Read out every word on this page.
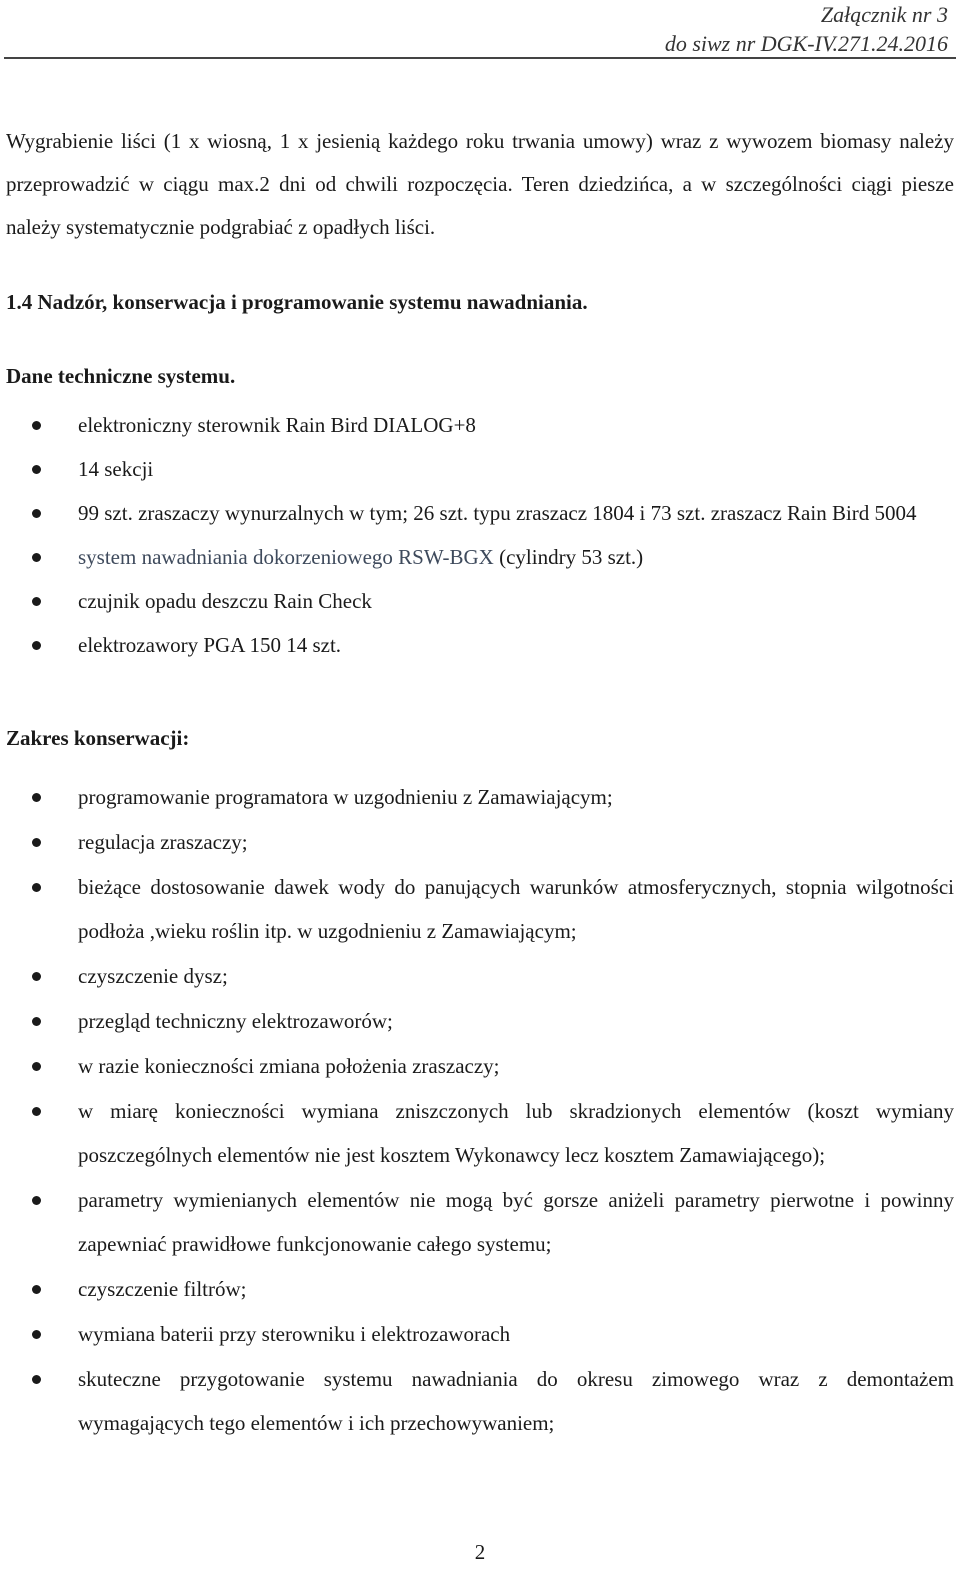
Załącznik nr 3
do siwz nr DGK-IV.271.24.2016

Wygrabienie liści (1 x wiosną, 1 x jesienią każdego roku trwania umowy) wraz z wywozem biomasy należy przeprowadzić w ciągu max.2 dni od chwili rozpoczęcia. Teren dziedzińca, a w szczególności ciągi piesze należy systematycznie podgrabiać z opadłych liści.

1.4 Nadzór, konserwacja i programowanie systemu nawadniania.

Dane techniczne systemu.

elektroniczny sterownik Rain Bird DIALOG+8
14 sekcji
99 szt. zraszaczy wynurzalnych w tym; 26 szt. typu zraszacz 1804 i 73 szt. zraszacz Rain Bird 5004
system nawadniania dokorzeniowego RSW-BGX (cylindry 53 szt.)
czujnik opadu deszczu Rain Check
elektrozawory PGA 150 14 szt.

Zakres konserwacji:

programowanie programatora w uzgodnieniu z Zamawiającym;
regulacja zraszaczy;
bieżące dostosowanie dawek wody do panujących warunków atmosferycznych, stopnia wilgotności podłoża ,wieku roślin itp. w uzgodnieniu z Zamawiającym;
czyszczenie dysz;
przegląd techniczny elektrozaworów;
w razie konieczności zmiana położenia zraszaczy;
w miarę konieczności wymiana zniszczonych lub skradzionych elementów (koszt wymiany poszczególnych elementów nie jest kosztem Wykonawcy lecz kosztem Zamawiającego);
parametry wymienianych elementów nie mogą być gorsze aniżeli parametry pierwotne i powinny zapewniać prawidłowe funkcjonowanie całego systemu;
czyszczenie filtrów;
wymiana baterii przy sterowniku i elektrozaworach
skuteczne przygotowanie systemu nawadniania do okresu zimowego wraz z demontażem wymagających tego elementów i ich przechowywaniem;
2
